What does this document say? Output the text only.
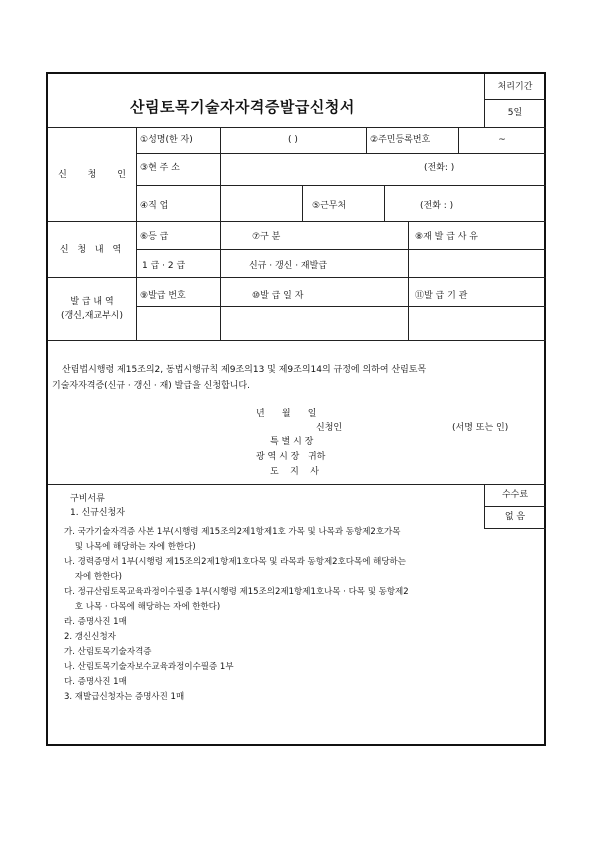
산림토목기술자자격증발급신청서
처리기간
5일
신 청 인
①성명(한 자)	( )	②주민등록번호	~
③현 주 소	(전화: )
④직 업	⑤근무처	(전화 : )
신 청 내 역
⑥등 급	⑦구 분	⑧재 발 급 사 유
1 급 · 2 급	신규 · 갱신 · 재발급
발 급 내 역
(갱신,재교부시)
⑨발급 번호	⑩발 급 일 자	⑪발 급 기 관
산림법시행령 제15조의2, 동법시행규칙 제9조의13 및 제9조의14의 규정에 의하여 산림토목
기술자자격증(신규 · 갱신 · 재) 발급을 신청합니다.
년      월      일
신청인	(서명 또는 인)
특 별 시 장
광 역 시 장   귀하
도    지    사
수수료
없 음
구비서류
1. 신규신청자
가. 국가기술자격증 사본 1부(시행령 제15조의2제1항제1호 가목 및 나목과 동항제2호가목
및 나목에 해당하는 자에 한한다)
나. 경력증명서 1부(시행령 제15조의2제1항제1호다목 및 라목과 동항제2호다목에 해당하는
자에 한한다)
다. 정규산림토목교육과정이수필증 1부(시행령 제15조의2제1항제1호나목 · 다목 및 동항제2
호 나목 · 다목에 해당하는 자에 한한다)
라. 증명사진 1매
2. 갱신신청자
가. 산림토목기술자격증
나. 산림토목기술자보수교육과정이수필증 1부
다. 증명사진 1매
3. 재발급신청자는 증명사진 1매
